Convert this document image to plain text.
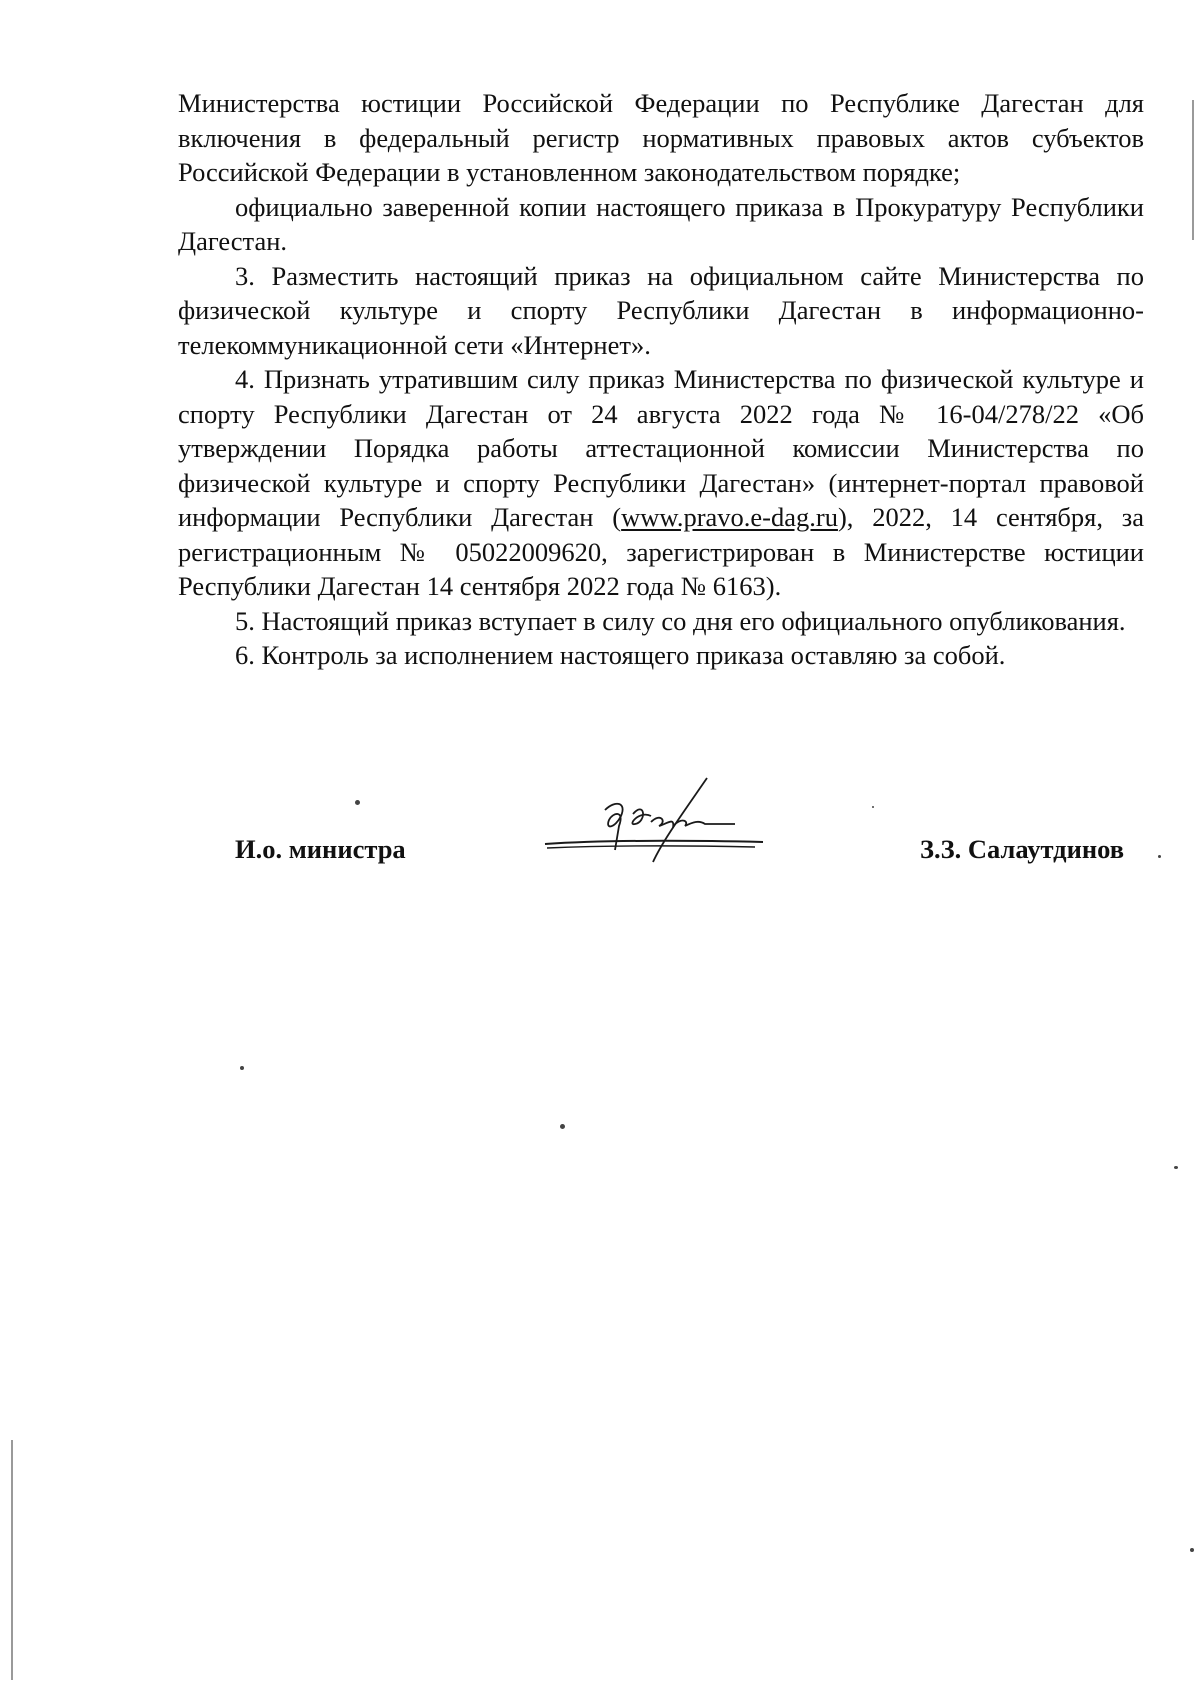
Министерства юстиции Российской Федерации по Республике Дагестан для включения в федеральный регистр нормативных правовых актов субъектов Российской Федерации в установленном законодательством порядке;

официально заверенной копии настоящего приказа в Прокуратуру Республики Дагестан.

3. Разместить настоящий приказ на официальном сайте Министерства по физической культуре и спорту Республики Дагестан в информационно-телекоммуникационной сети «Интернет».

4. Признать утратившим силу приказ Министерства по физической культуре и спорту Республики Дагестан от 24 августа 2022 года № 16-04/278/22 «Об утверждении Порядка работы аттестационной комиссии Министерства по физической культуре и спорту Республики Дагестан» (интернет-портал правовой информации Республики Дагестан (www.pravo.e-dag.ru), 2022, 14 сентября, за регистрационным № 05022009620, зарегистрирован в Министерстве юстиции Республики Дагестан 14 сентября 2022 года № 6163).

5. Настоящий приказ вступает в силу со дня его официального опубликования.

6. Контроль за исполнением настоящего приказа оставляю за собой.

И.о. министра	З.З. Салаутдинов
